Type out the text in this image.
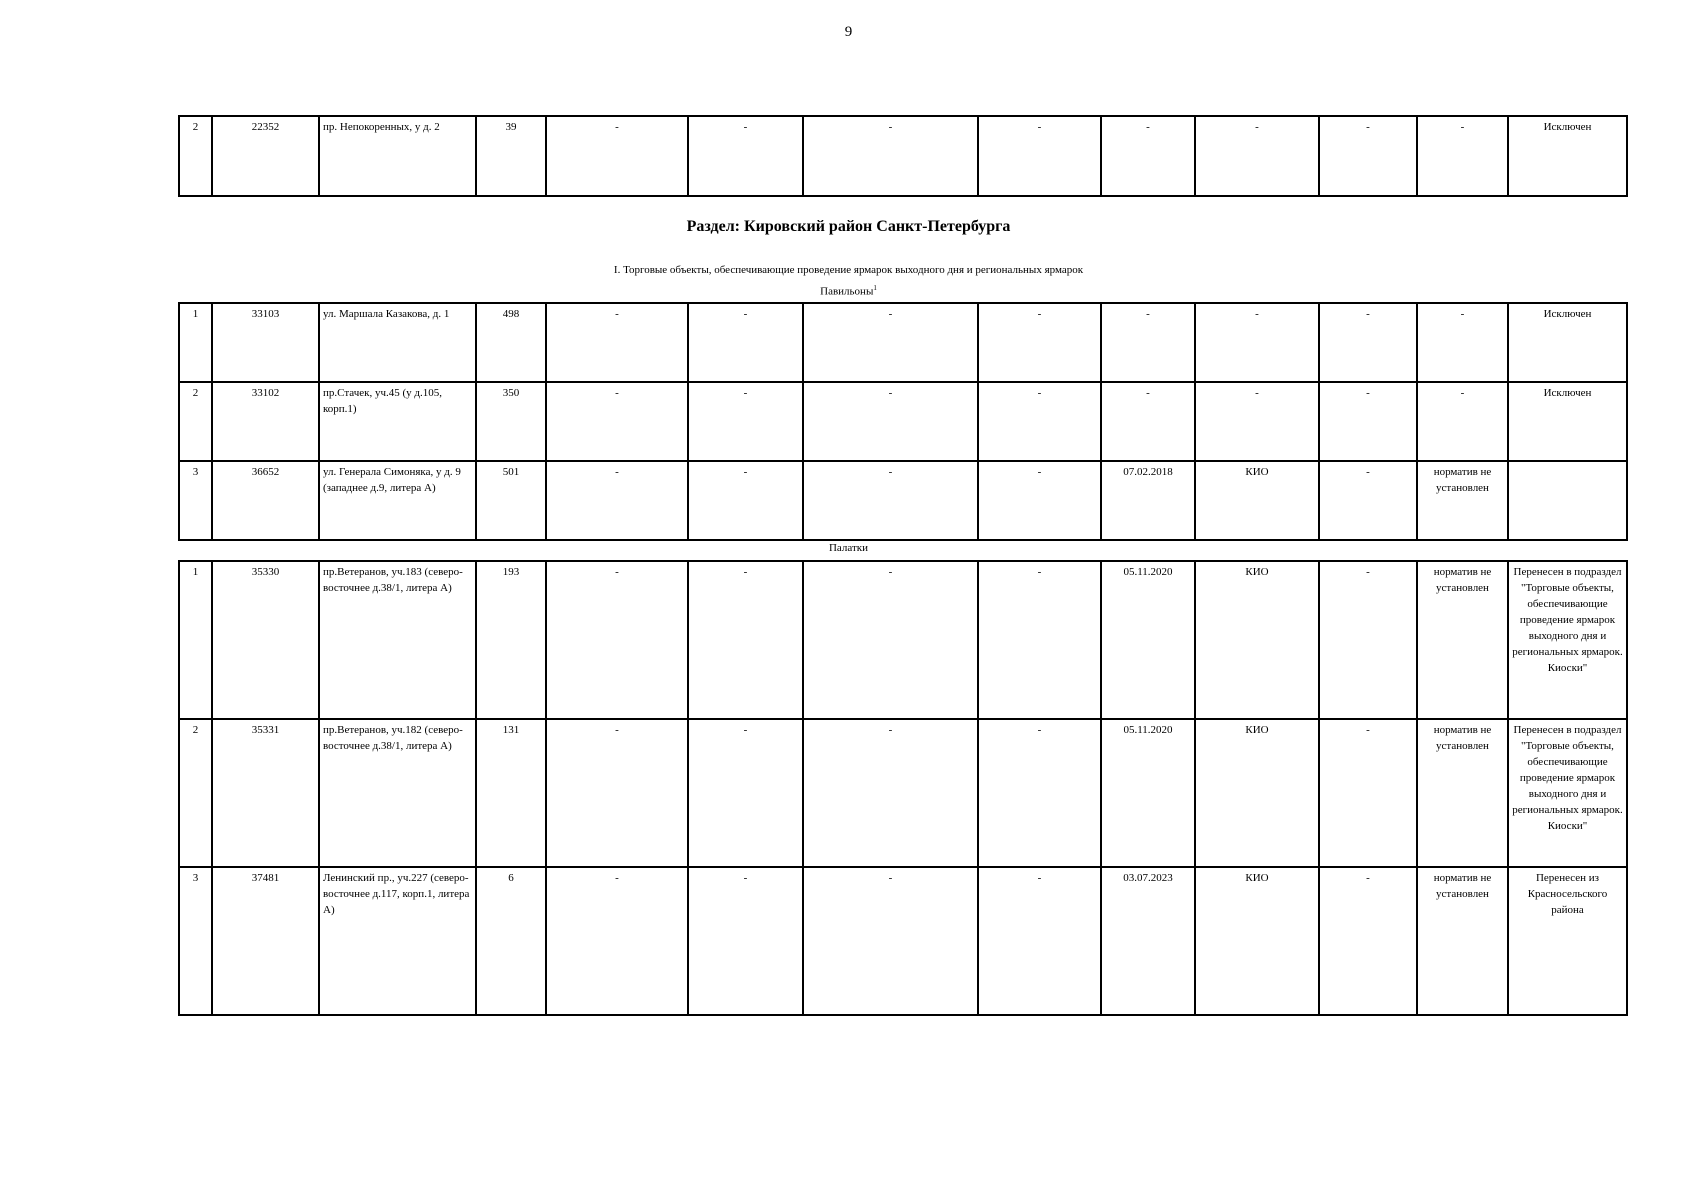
9
2	22352	пр. Непокоренных, у д. 2	39	-	-	-	-	-	-	-	-	Исключен
Раздел: Кировский район Санкт-Петербурга
I. Торговые объекты, обеспечивающие проведение ярмарок выходного дня и региональных ярмарок
Павильоны$^1$
1	33103	ул. Маршала Казакова, д. 1	498	-	-	-	-	-	-	-	-	Исключен
2	33102	пр.Стачек, уч.45 (у д.105, корп.1)	350	-	-	-	-	-	-	-	-	Исключен
3	36652	ул. Генерала Симоняка, у д. 9 (западнее д.9, литера А)	501	-	-	-	-	07.02.2018	КИО	-	норматив не установлен	
Палатки
1	35330	пр.Ветеранов, уч.183 (северо-восточнее д.38/1, литера А)	193	-	-	-	-	05.11.2020	КИО	-	норматив не установлен	Перенесен в подраздел "Торговые объекты, обеспечивающие проведение ярмарок выходного дня и региональных ярмарок. Киоски"
2	35331	пр.Ветеранов, уч.182 (северо-восточнее д.38/1, литера А)	131	-	-	-	-	05.11.2020	КИО	-	норматив не установлен	Перенесен в подраздел "Торговые объекты, обеспечивающие проведение ярмарок выходного дня и региональных ярмарок. Киоски"
3	37481	Ленинский пр., уч.227 (северо-восточнее д.117, корп.1, литера А)	6	-	-	-	-	03.07.2023	КИО	-	норматив не установлен	Перенесен из Красносельского района
